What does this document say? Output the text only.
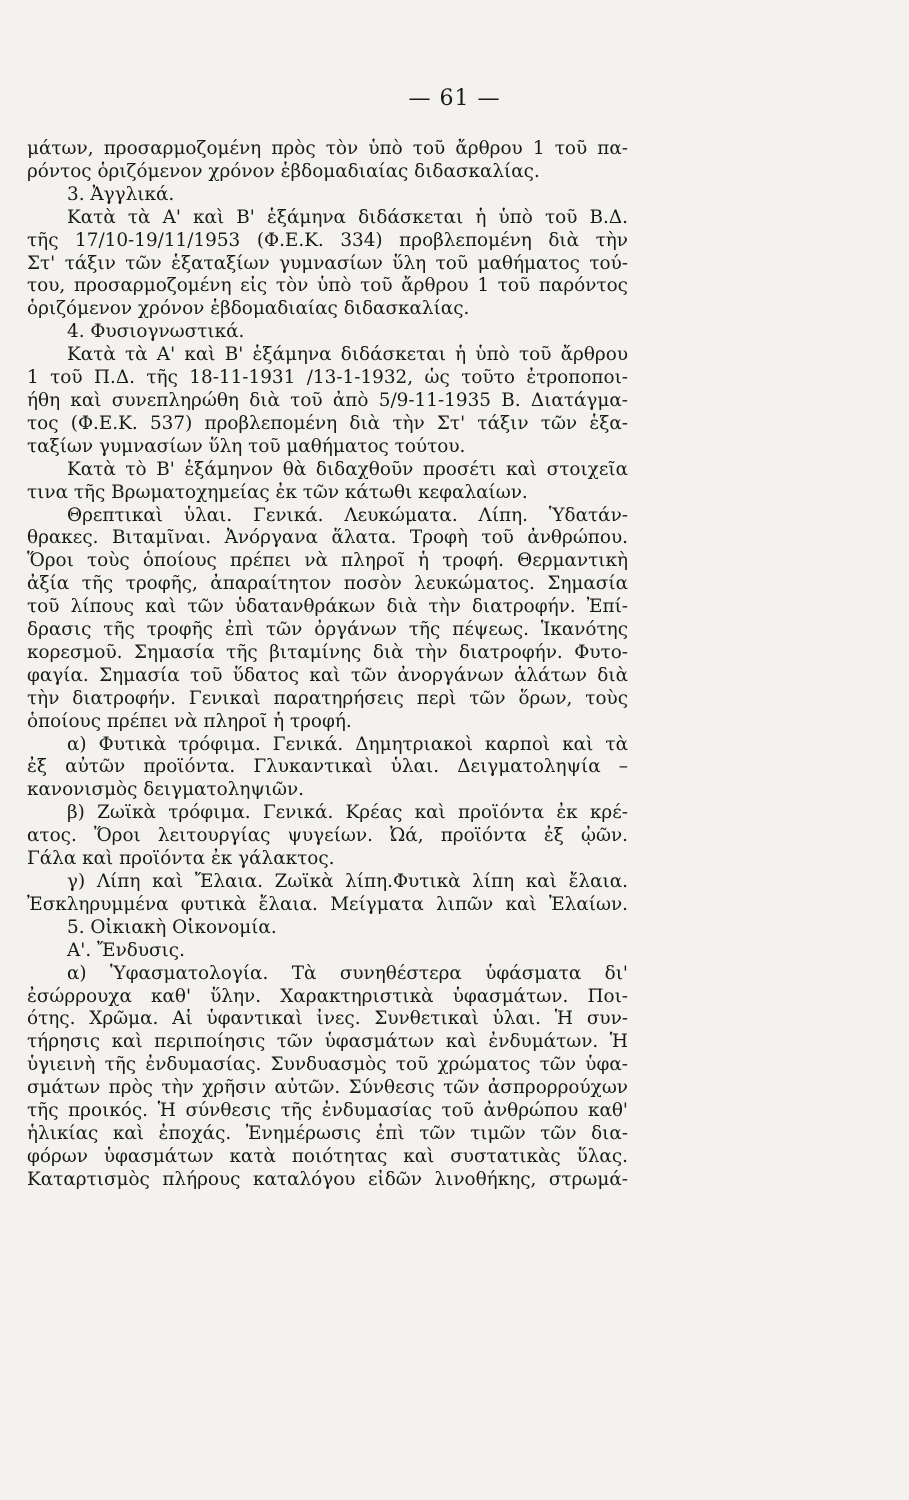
— 61 —
μάτων, προσαρμοζομένη πρὸς τὸν ὑπὸ τοῦ ἄρθρου 1 τοῦ πα-
ρόντος ὁριζόμενον χρόνον ἑβδομαδιαίας διδασκαλίας.
3. Ἀγγλικά.
Κατὰ τὰ Α' καὶ Β' ἑξάμηνα διδάσκεται ἡ ὑπὸ τοῦ Β.Δ.
τῆς 17/10-19/11/1953 (Φ.Ε.Κ. 334) προβλεπομένη διὰ τὴν
Στ' τάξιν τῶν ἑξαταξίων γυμνασίων ὕλη τοῦ μαθήματος τού-
του, προσαρμοζομένη εἰς τὸν ὑπὸ τοῦ ἄρθρου 1 τοῦ παρόντος
ὁριζόμενον χρόνον ἑβδομαδιαίας διδασκαλίας.
4. Φυσιογνωστικά.
Κατὰ τὰ Α' καὶ Β' ἑξάμηνα διδάσκεται ἡ ὑπὸ τοῦ ἄρθρου
1 τοῦ Π.Δ. τῆς 18-11-1931 /13-1-1932, ὡς τοῦτο ἐτροποποι-
ήθη καὶ συνεπληρώθη διὰ τοῦ ἀπὸ 5/9-11-1935 Β. Διατάγμα-
τος (Φ.Ε.Κ. 537) προβλεπομένη διὰ τὴν Στ' τάξιν τῶν ἑξα-
ταξίων γυμνασίων ὕλη τοῦ μαθήματος τούτου.
Κατὰ τὸ Β' ἑξάμηνον θὰ διδαχθοῦν προσέτι καὶ στοιχεῖα
τινα τῆς Βρωματοχημείας ἐκ τῶν κάτωθι κεφαλαίων.
Θρεπτικαὶ ὗλαι. Γενικά. Λευκώματα. Λίπη. Ὑδατάν-
θρακες. Βιταμῖναι. Ἀνόργανα ἅλατα. Τροφὴ τοῦ ἀνθρώπου.
Ὅροι τοὺς ὁποίους πρέπει νὰ πληροῖ ἡ τροφή. Θερμαντικὴ
ἀξία τῆς τροφῆς, ἀπαραίτητον ποσὸν λευκώματος. Σημασία
τοῦ λίπους καὶ τῶν ὑδατανθράκων διὰ τὴν διατροφήν. Ἐπί-
δρασις τῆς τροφῆς ἐπὶ τῶν ὀργάνων τῆς πέψεως. Ἱκανότης
κορεσμοῦ. Σημασία τῆς βιταμίνης διὰ τὴν διατροφήν. Φυτο-
φαγία. Σημασία τοῦ ὕδατος καὶ τῶν ἀνοργάνων ἁλάτων διὰ
τὴν διατροφήν. Γενικαὶ παρατηρήσεις περὶ τῶν ὅρων, τοὺς
ὁποίους πρέπει νὰ πληροῖ ἡ τροφή.
α) Φυτικὰ τρόφιμα. Γενικά. Δημητριακοὶ καρποὶ καὶ τὰ
ἐξ αὐτῶν προϊόντα. Γλυκαντικαὶ ὗλαι. Δειγματοληψία –
κανονισμὸς δειγματοληψιῶν.
β) Ζωϊκὰ τρόφιμα. Γενικά. Κρέας καὶ προϊόντα ἐκ κρέ-
ατος. Ὅροι λειτουργίας ψυγείων. Ὠά, προϊόντα ἐξ ᾠῶν.
Γάλα καὶ προϊόντα ἐκ γάλακτος.
γ) Λίπη καὶ Ἔλαια. Ζωϊκὰ λίπη.Φυτικὰ λίπη καὶ ἔλαια.
Ἐσκληρυμμένα φυτικὰ ἔλαια. Μείγματα λιπῶν καὶ Ἐλαίων.
5. Οἰκιακὴ Οἰκονομία.
Α'. Ἔνδυσις.
α) Ὑφασματολογία. Τὰ συνηθέστερα ὑφάσματα δι'
ἐσώρρουχα καθ' ὕλην. Χαρακτηριστικὰ ὑφασμάτων. Ποι-
ότης. Χρῶμα. Αἱ ὑφαντικαὶ ἶνες. Συνθετικαὶ ὗλαι. Ἡ συν-
τήρησις καὶ περιποίησις τῶν ὑφασμάτων καὶ ἐνδυμάτων. Ἡ
ὑγιεινὴ τῆς ἐνδυμασίας. Συνδυασμὸς τοῦ χρώματος τῶν ὑφα-
σμάτων πρὸς τὴν χρῆσιν αὐτῶν. Σύνθεσις τῶν ἀσπρορρούχων
τῆς προικός. Ἡ σύνθεσις τῆς ἐνδυμασίας τοῦ ἀνθρώπου καθ'
ἡλικίας καὶ ἐποχάς. Ἐνημέρωσις ἐπὶ τῶν τιμῶν τῶν δια-
φόρων ὑφασμάτων κατὰ ποιότητας καὶ συστατικὰς ὕλας.
Καταρτισμὸς πλήρους καταλόγου εἰδῶν λινοθήκης, στρωμά-
